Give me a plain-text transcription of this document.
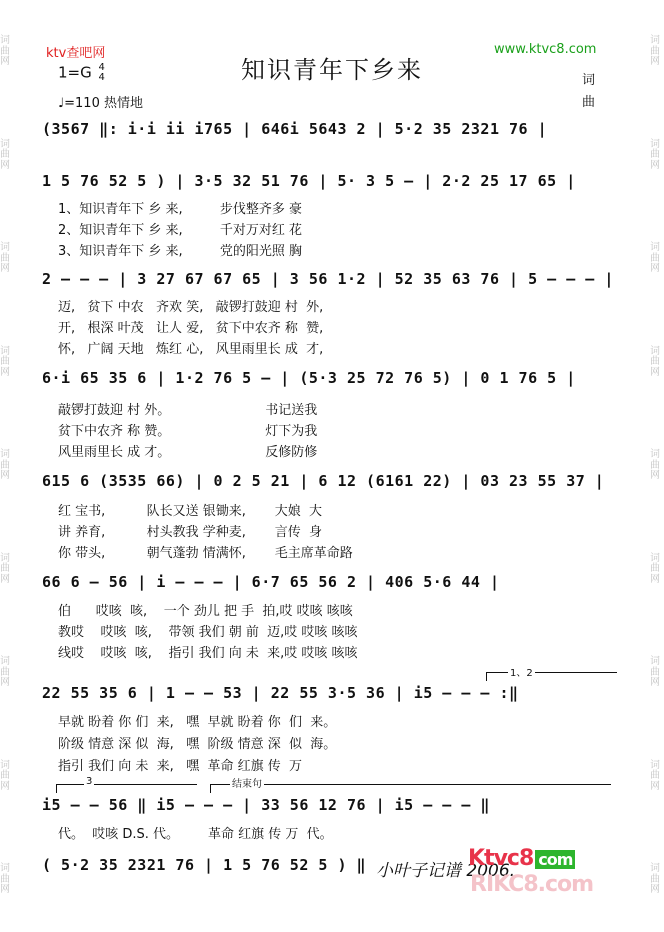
词曲网
词曲网
词曲网
词曲网
词曲网
词曲网
词曲网
词曲网
词曲网
词曲网
词曲网
词曲网
词曲网
词曲网
词曲网
词曲网
词曲网
词曲网
ktv查吧网	www.ktvc8.com
知识青年下乡来
1=G 4
4
♩=110 热情地
词
曲
(3567 ‖: i·i ii i765 | 646i 5643 2 | 5·2 35 2321 76 |
1 5 76 52 5 ) | 3·5 32 51 76 | 5· 3 5 – | 2·2 25 17 65 |
1、知识青年下 乡 来,         步伐整齐多 豪
2、知识青年下 乡 来,         千对万对红 花
3、知识青年下 乡 来,         党的阳光照 胸
2 – – – | 3 27 67 67 65 | 3 56 1·2 | 52 35 63 76 | 5 – – – |
迈,   贫下 中农   齐欢 笑,   敲锣打鼓迎 村  外,
开,   根深 叶茂   让人 爱,   贫下中农齐 称  赞,
怀,   广阔 天地   炼红 心,   风里雨里长 成  才,
6·i 65 35 6 | 1·2 76 5 – | (5·3 25 72 76 5) | 0 1 76 5 |
敲锣打鼓迎 村 外。                       书记送我
贫下中农齐 称 赞。                       灯下为我
风里雨里长 成 才。                       反修防修
615 6 (3535 66) | 0 2 5 21 | 6 12 (6161 22) | 03 23 55 37 |
红 宝书,          队长又送 银锄来,       大娘  大
讲 养育,          村头教我 学种麦,       言传  身
你 带头,          朝气蓬勃 情满怀,       毛主席革命路
66 6 – 56 | i – – – | 6·7 65 56 2 | 406 5·6 44 |
伯      哎咳  咳,    一个 劲儿 把 手  拍,哎 哎咳 咳咳
教哎    哎咳  咳,    带领 我们 朝 前  迈,哎 哎咳 咳咳
线哎    哎咳  咳,    指引 我们 向 未  来,哎 哎咳 咳咳
1、2
22 55 35 6 | 1 – – 53 | 22 55 3·5 36 | i5 – – – :‖
早就 盼着 你 们  来,   嘿  早就 盼着 你  们  来。
阶级 情意 深 似  海,   嘿  阶级 情意 深  似  海。
指引 我们 向 未  来,   嘿  革命 红旗 传  万
3	结束句
i5 – – 56 ‖ i5 – – – | 33 56 12 76 | i5 – – – ‖
代。  哎咳 D.S. 代。       革命 红旗 传 万  代。
( 5·2 35 2321 76 | 1 5 76 52 5 ) ‖ 小叶子记谱 2006.
Ktvc8 com
RIKC8.com
